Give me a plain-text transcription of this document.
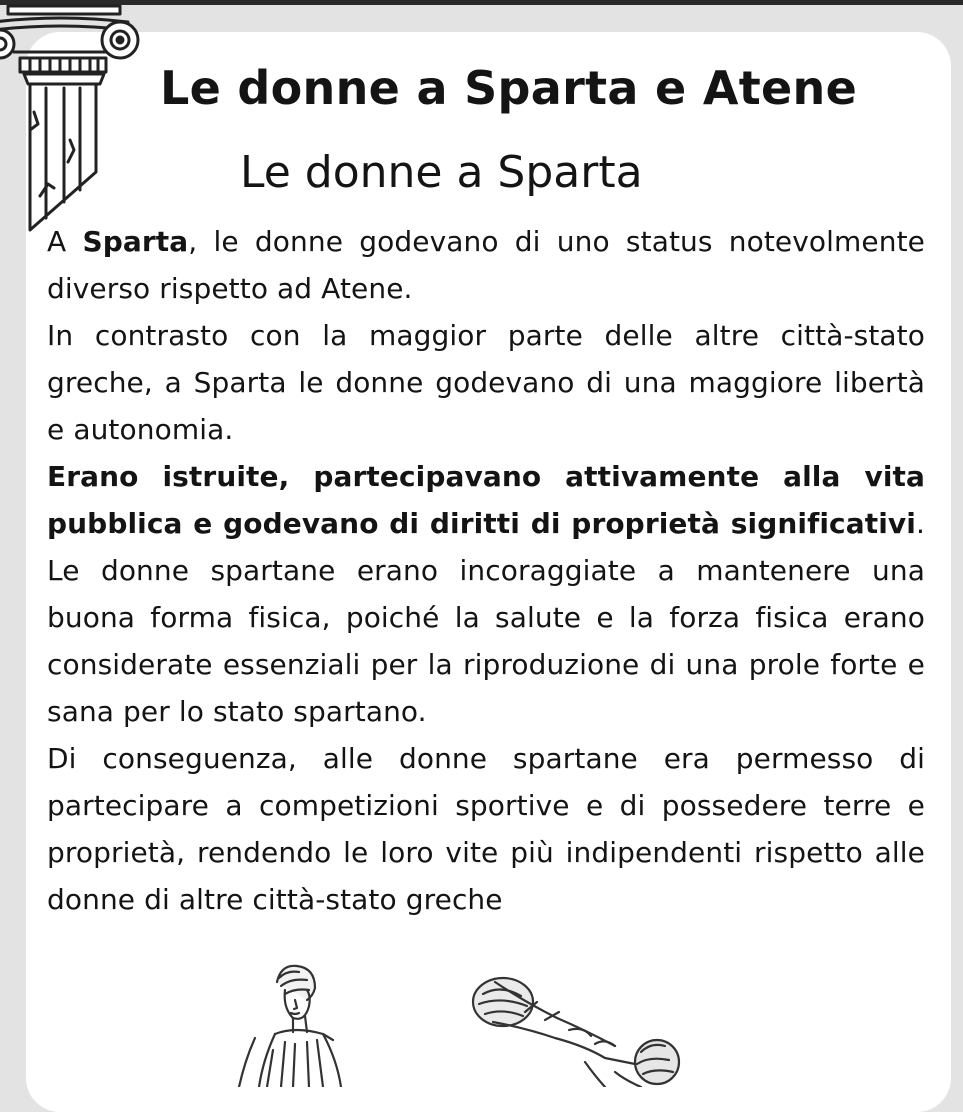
Le donne a Sparta e Atene
Le donne a Sparta

A Sparta, le donne godevano di uno status notevolmente diverso rispetto ad Atene.

In contrasto con la maggior parte delle altre città-stato greche, a Sparta le donne godevano di una maggiore libertà e autonomia.

Erano istruite, partecipavano attivamente alla vita pubblica e godevano di diritti di proprietà significativi. Le donne spartane erano incoraggiate a mantenere una buona forma fisica, poiché la salute e la forza fisica erano considerate essenziali per la riproduzione di una prole forte e sana per lo stato spartano.

Di conseguenza, alle donne spartane era permesso di partecipare a competizioni sportive e di possedere terre e proprietà, rendendo le loro vite più indipendenti rispetto alle donne di altre città-stato greche
